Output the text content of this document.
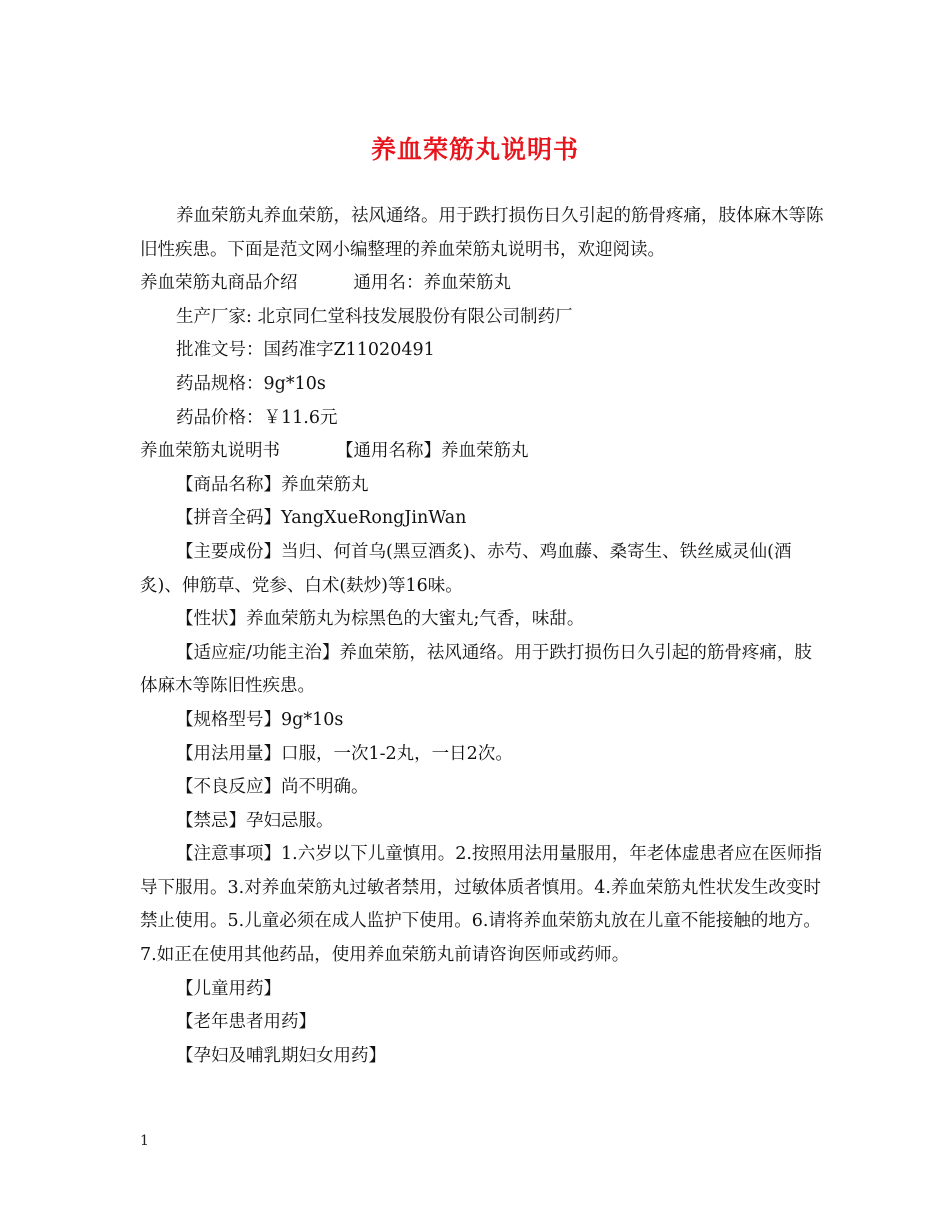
养血荣筋丸说明书

养血荣筋丸养血荣筋，祛风通络。用于跌打损伤日久引起的筋骨疼痛，肢体麻木等陈旧性疾患。下面是范文网小编整理的养血荣筋丸说明书，欢迎阅读。

养血荣筋丸商品介绍	通用名：养血荣筋丸

生产厂家: 北京同仁堂科技发展股份有限公司制药厂

批准文号：国药准字Z11020491

药品规格：9g*10s

药品价格：￥11.6元

养血荣筋丸说明书	【通用名称】养血荣筋丸

【商品名称】养血荣筋丸

【拼音全码】YangXueRongJinWan

【主要成份】当归、何首乌(黑豆酒炙)、赤芍、鸡血藤、桑寄生、铁丝威灵仙(酒炙)、伸筋草、党参、白术(麸炒)等16味。

【性状】养血荣筋丸为棕黑色的大蜜丸;气香，味甜。

【适应症/功能主治】养血荣筋，祛风通络。用于跌打损伤日久引起的筋骨疼痛，肢体麻木等陈旧性疾患。

【规格型号】9g*10s

【用法用量】口服，一次1-2丸，一日2次。

【不良反应】尚不明确。

【禁忌】孕妇忌服。

【注意事项】1.六岁以下儿童慎用。2.按照用法用量服用，年老体虚患者应在医师指导下服用。3.对养血荣筋丸过敏者禁用，过敏体质者慎用。4.养血荣筋丸性状发生改变时禁止使用。5.儿童必须在成人监护下使用。6.请将养血荣筋丸放在儿童不能接触的地方。7.如正在使用其他药品，使用养血荣筋丸前请咨询医师或药师。

【儿童用药】

【老年患者用药】

【孕妇及哺乳期妇女用药】

1
